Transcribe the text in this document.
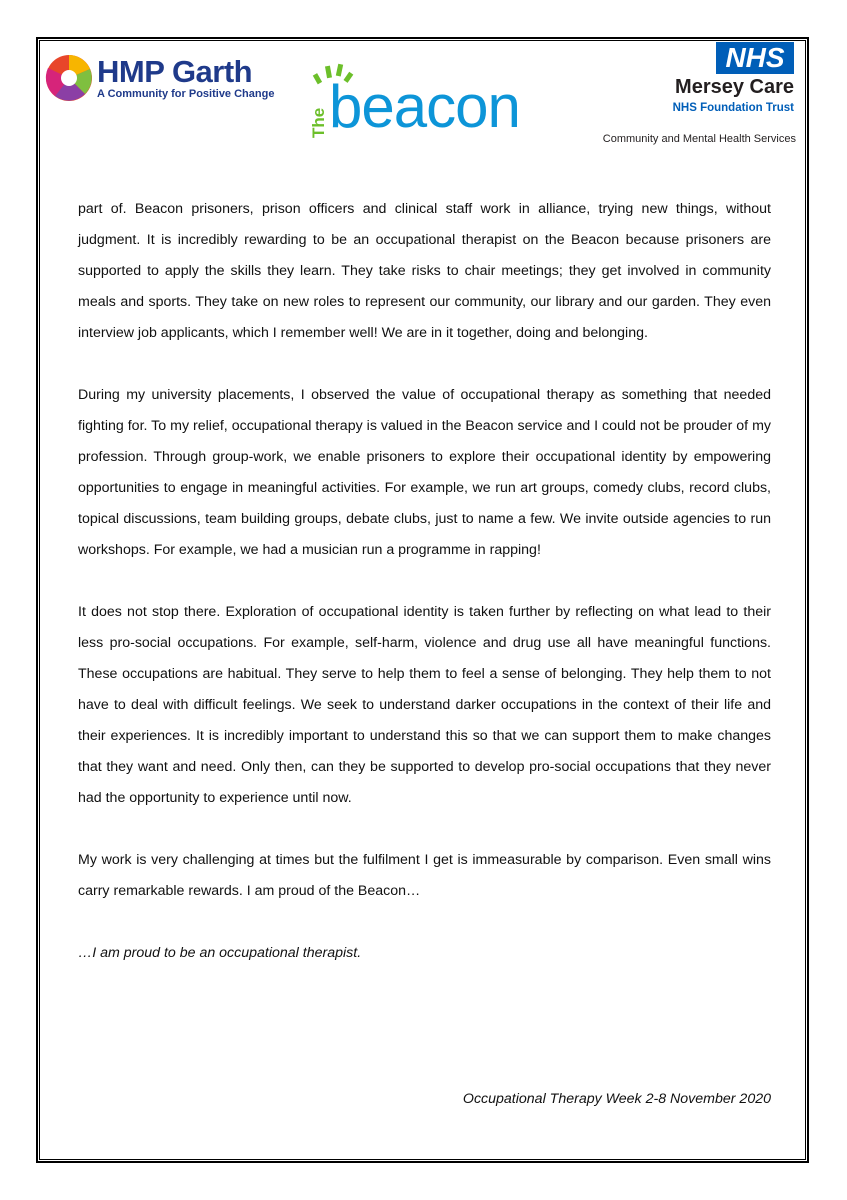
HMP Garth
A Community for Positive Change
The beacon
NHS
Mersey Care
NHS Foundation Trust
Community and Mental Health Services

part of. Beacon prisoners, prison officers and clinical staff work in alliance, trying new things, without judgment. It is incredibly rewarding to be an occupational therapist on the Beacon because prisoners are supported to apply the skills they learn. They take risks to chair meetings; they get involved in community meals and sports. They take on new roles to represent our community, our library and our garden. They even interview job applicants, which I remember well! We are in it together, doing and belonging.

During my university placements, I observed the value of occupational therapy as something that needed fighting for. To my relief, occupational therapy is valued in the Beacon service and I could not be prouder of my profession. Through group-work, we enable prisoners to explore their occupational identity by empowering opportunities to engage in meaningful activities. For example, we run art groups, comedy clubs, record clubs, topical discussions, team building groups, debate clubs, just to name a few. We invite outside agencies to run workshops. For example, we had a musician run a programme in rapping!

It does not stop there. Exploration of occupational identity is taken further by reflecting on what lead to their less pro-social occupations. For example, self-harm, violence and drug use all have meaningful functions. These occupations are habitual. They serve to help them to feel a sense of belonging. They help them to not have to deal with difficult feelings. We seek to understand darker occupations in the context of their life and their experiences. It is incredibly important to understand this so that we can support them to make changes that they want and need. Only then, can they be supported to develop pro-social occupations that they never had the opportunity to experience until now.

My work is very challenging at times but the fulfilment I get is immeasurable by comparison. Even small wins carry remarkable rewards. I am proud of the Beacon…

…I am proud to be an occupational therapist.

Occupational Therapy Week 2-8 November 2020
